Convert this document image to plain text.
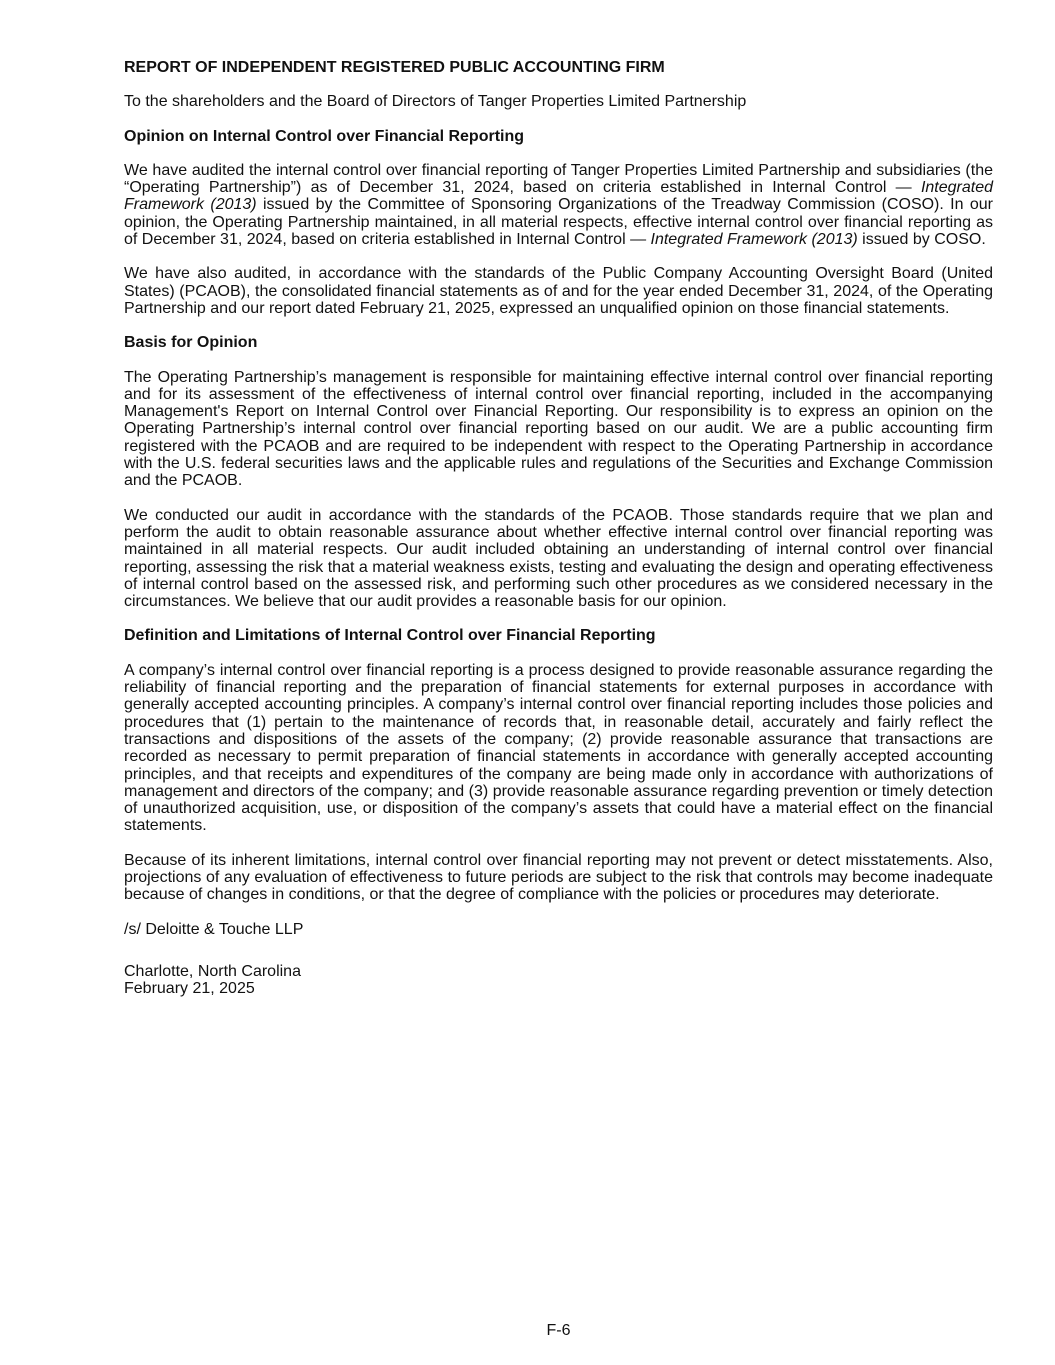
REPORT OF INDEPENDENT REGISTERED PUBLIC ACCOUNTING FIRM

To the shareholders and the Board of Directors of Tanger Properties Limited Partnership

Opinion on Internal Control over Financial Reporting

We have audited the internal control over financial reporting of Tanger Properties Limited Partnership and subsidiaries (the “Operating Partnership”) as of December 31, 2024, based on criteria established in Internal Control — Integrated Framework (2013) issued by the Committee of Sponsoring Organizations of the Treadway Commission (COSO). In our opinion, the Operating Partnership maintained, in all material respects, effective internal control over financial reporting as of December 31, 2024, based on criteria established in Internal Control — Integrated Framework (2013) issued by COSO.

We have also audited, in accordance with the standards of the Public Company Accounting Oversight Board (United States) (PCAOB), the consolidated financial statements as of and for the year ended December 31, 2024, of the Operating Partnership and our report dated February 21, 2025, expressed an unqualified opinion on those financial statements.

Basis for Opinion

The Operating Partnership’s management is responsible for maintaining effective internal control over financial reporting and for its assessment of the effectiveness of internal control over financial reporting, included in the accompanying Management's Report on Internal Control over Financial Reporting. Our responsibility is to express an opinion on the Operating Partnership’s internal control over financial reporting based on our audit. We are a public accounting firm registered with the PCAOB and are required to be independent with respect to the Operating Partnership in accordance with the U.S. federal securities laws and the applicable rules and regulations of the Securities and Exchange Commission and the PCAOB.

We conducted our audit in accordance with the standards of the PCAOB. Those standards require that we plan and perform the audit to obtain reasonable assurance about whether effective internal control over financial reporting was maintained in all material respects. Our audit included obtaining an understanding of internal control over financial reporting, assessing the risk that a material weakness exists, testing and evaluating the design and operating effectiveness of internal control based on the assessed risk, and performing such other procedures as we considered necessary in the circumstances. We believe that our audit provides a reasonable basis for our opinion.

Definition and Limitations of Internal Control over Financial Reporting

A company’s internal control over financial reporting is a process designed to provide reasonable assurance regarding the reliability of financial reporting and the preparation of financial statements for external purposes in accordance with generally accepted accounting principles. A company’s internal control over financial reporting includes those policies and procedures that (1) pertain to the maintenance of records that, in reasonable detail, accurately and fairly reflect the transactions and dispositions of the assets of the company; (2) provide reasonable assurance that transactions are recorded as necessary to permit preparation of financial statements in accordance with generally accepted accounting principles, and that receipts and expenditures of the company are being made only in accordance with authorizations of management and directors of the company; and (3) provide reasonable assurance regarding prevention or timely detection of unauthorized acquisition, use, or disposition of the company’s assets that could have a material effect on the financial statements.

Because of its inherent limitations, internal control over financial reporting may not prevent or detect misstatements. Also, projections of any evaluation of effectiveness to future periods are subject to the risk that controls may become inadequate because of changes in conditions, or that the degree of compliance with the policies or procedures may deteriorate.

/s/ Deloitte & Touche LLP

Charlotte, North Carolina

February 21, 2025

F-6
